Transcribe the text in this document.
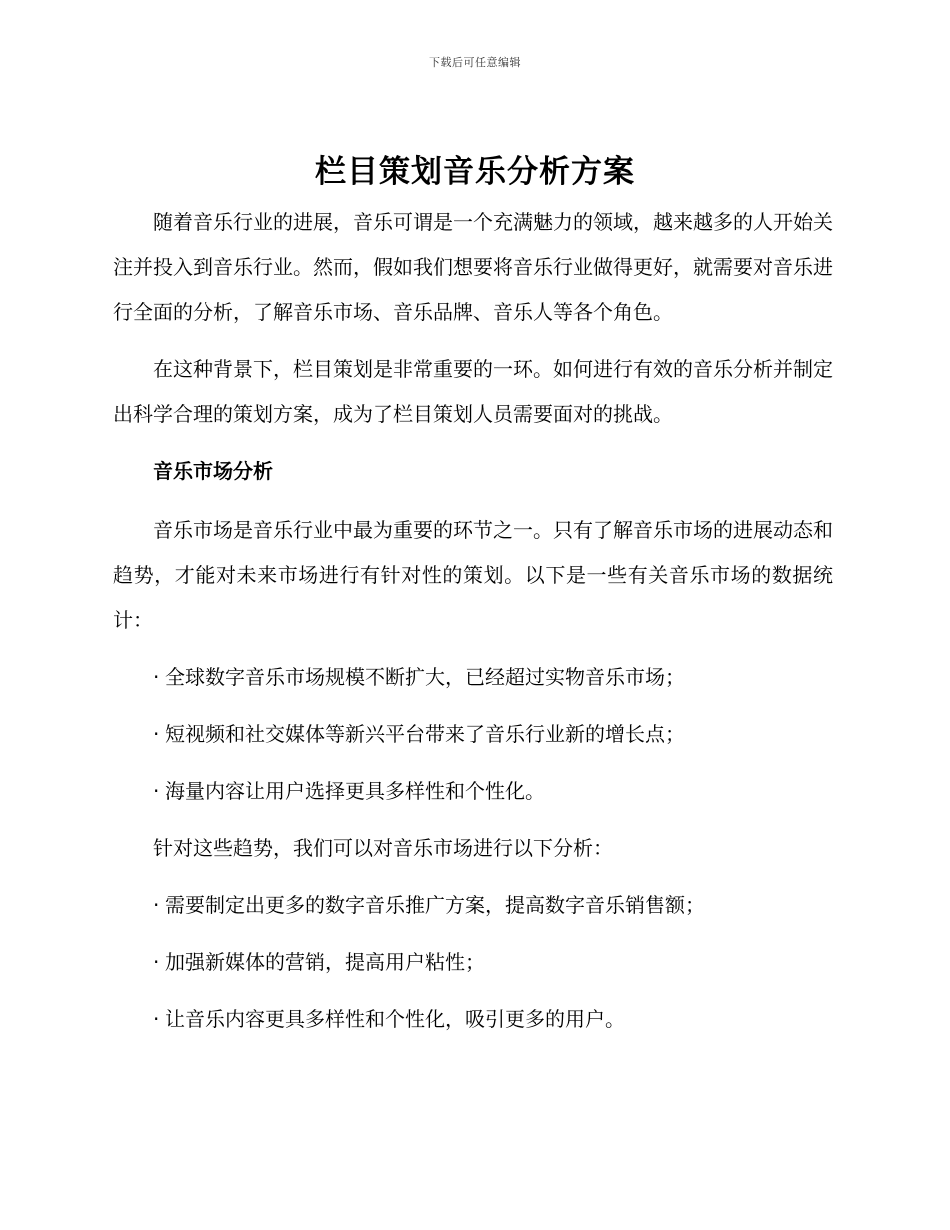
下载后可任意编辑
栏目策划音乐分析方案

随着音乐行业的进展，音乐可谓是一个充满魅力的领域，越来越多的人开始关注并投入到音乐行业。然而，假如我们想要将音乐行业做得更好，就需要对音乐进行全面的分析，了解音乐市场、音乐品牌、音乐人等各个角色。

在这种背景下，栏目策划是非常重要的一环。如何进行有效的音乐分析并制定出科学合理的策划方案，成为了栏目策划人员需要面对的挑战。

音乐市场分析

音乐市场是音乐行业中最为重要的环节之一。只有了解音乐市场的进展动态和趋势，才能对未来市场进行有针对性的策划。以下是一些有关音乐市场的数据统计：

· 全球数字音乐市场规模不断扩大，已经超过实物音乐市场；

· 短视频和社交媒体等新兴平台带来了音乐行业新的增长点；

· 海量内容让用户选择更具多样性和个性化。

针对这些趋势，我们可以对音乐市场进行以下分析：

· 需要制定出更多的数字音乐推广方案，提高数字音乐销售额；

· 加强新媒体的营销，提高用户粘性；

· 让音乐内容更具多样性和个性化，吸引更多的用户。
